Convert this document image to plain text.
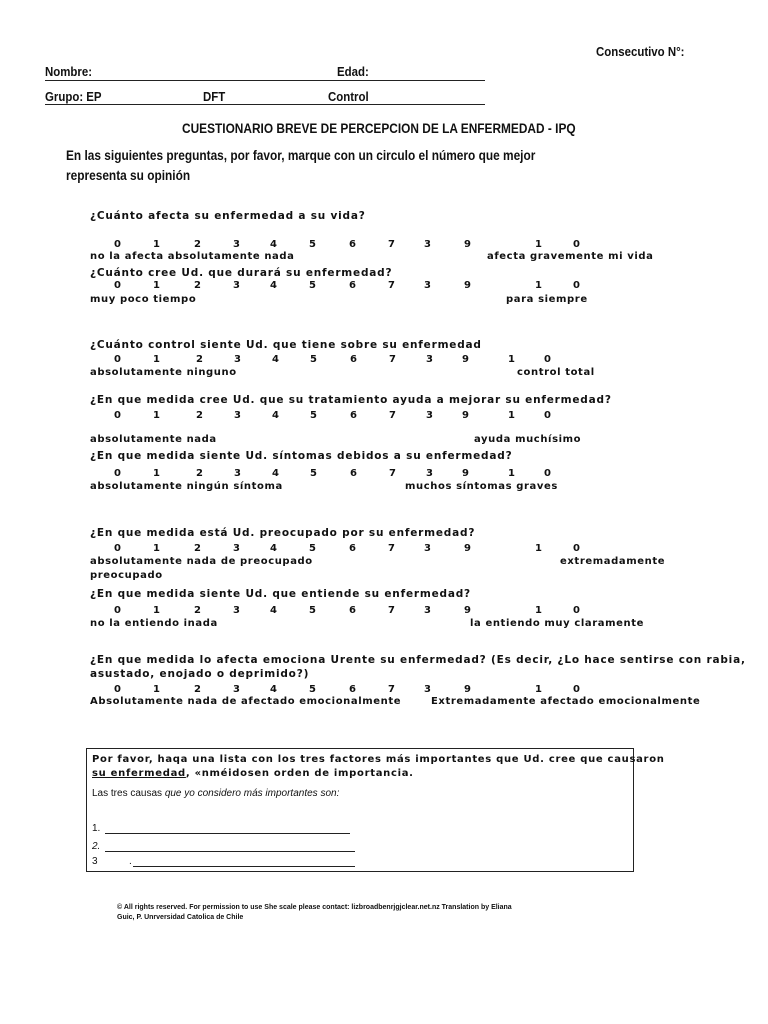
Consecutivo N°:
Nombre:	Edad:
Grupo: EP	DFT	Control
CUESTIONARIO BREVE DE PERCEPCION DE LA ENFERMEDAD - IPQ
En las siguientes preguntas, por favor, marque con un circulo el número que mejor
representa su opinión
¿Cuánto afecta su enfermedad a su vida?
0	1	2	3	4	5	6	7	3	9	1	0
no la afecta absolutamente nada	afecta gravemente mi vida
¿Cuánto cree Ud. que durará su enfermedad?
0	1	2	3	4	5	6	7	3	9	1	0
muy poco tiempo	para siempre
¿Cuánto control siente Ud. que tiene sobre su enfermedad
0	1	2	3	4	5	6	7	3	9	1	0
absolutamente ninguno	control total
¿En que medida cree Ud. que su tratamiento ayuda a mejorar su enfermedad?
0	1	2	3	4	5	6	7	3	9	1	0
absolutamente nada	ayuda muchísimo
¿En que medida siente Ud. síntomas debidos a su enfermedad?
0	1	2	3	4	5	6	7	3	9	1	0
absolutamente ningún síntoma	muchos síntomas graves
¿En que medida está Ud. preocupado por su enfermedad?
0	1	2	3	4	5	6	7	3	9	1	0
absolutamente nada de preocupado	extremadamente
preocupado
¿En que medida siente Ud. que entiende su enfermedad?
0	1	2	3	4	5	6	7	3	9	1	0
no la entiendo inada	la entiendo muy claramente
¿En que medida lo afecta emociona Urente su enfermedad? (Es decir, ¿Lo hace sentirse con rabia,
asustado, enojado o deprimido?)
0	1	2	3	4	5	6	7	3	9	1	0
Absolutamente nada de afectado emocionalmente	Extremadamente afectado emocionalmente
Por favor, haqa una lista con los tres factores más importantes que Ud. cree que causaron
su enfermedad, «nméidosen orden de importancia.
Las tres causas que yo considero más importantes son:
1.
2.
3	.
© All rights reserved. For permission to use She scale please contact: lizbroadbenrjgjclear.net.nz Translation by Eliana
Guic, P. Unrversidad Catolica de Chile
